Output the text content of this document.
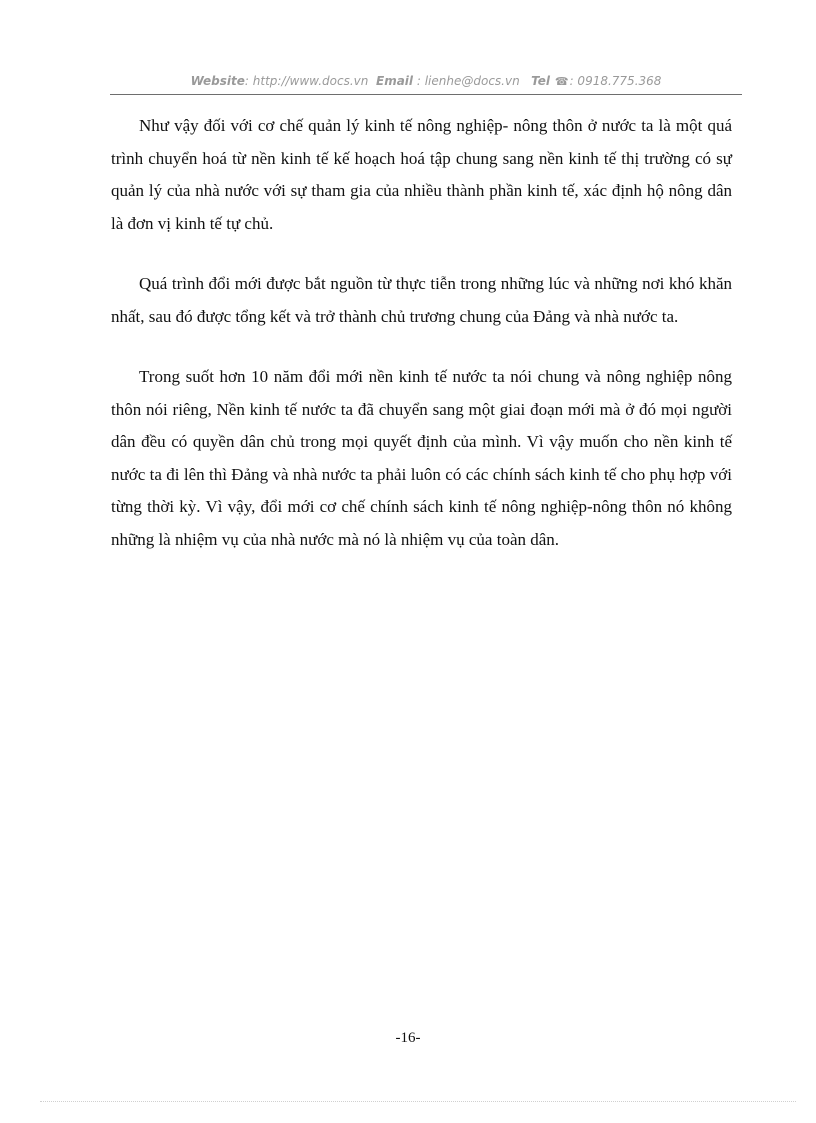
Website: http://www.docs.vn Email : lienhe@docs.vn Tel ☎: 0918.775.368

Như vậy đối với cơ chế quản lý kinh tế nông nghiệp- nông thôn ở nước ta là một quá trình chuyển hoá từ nền kinh tế kế hoạch hoá tập chung sang nền kinh tế thị trường có sự quản lý của nhà nước với sự tham gia của nhiều thành phần kinh tế, xác định hộ nông dân là đơn vị kinh tế tự chủ.

Quá trình đổi mới được bắt nguồn từ thực tiễn trong những lúc và những nơi khó khăn nhất, sau đó được tổng kết và trở thành chủ trương chung của Đảng và nhà nước ta.

Trong suốt hơn 10 năm đổi mới nền kinh tế nước ta nói chung và nông nghiệp nông thôn nói riêng, Nền kinh tế nước ta đã chuyển sang một giai đoạn mới mà ở đó mọi người dân đều có quyền dân chủ trong mọi quyết định của mình. Vì vậy muốn cho nền kinh tế nước ta đi lên thì Đảng và nhà nước ta phải luôn có các chính sách kinh tế cho phụ hợp với từng thời kỳ. Vì vậy, đổi mới cơ chế chính sách kinh tế nông nghiệp-nông thôn nó không những là nhiệm vụ của nhà nước mà nó là nhiệm vụ của toàn dân.

-16-
